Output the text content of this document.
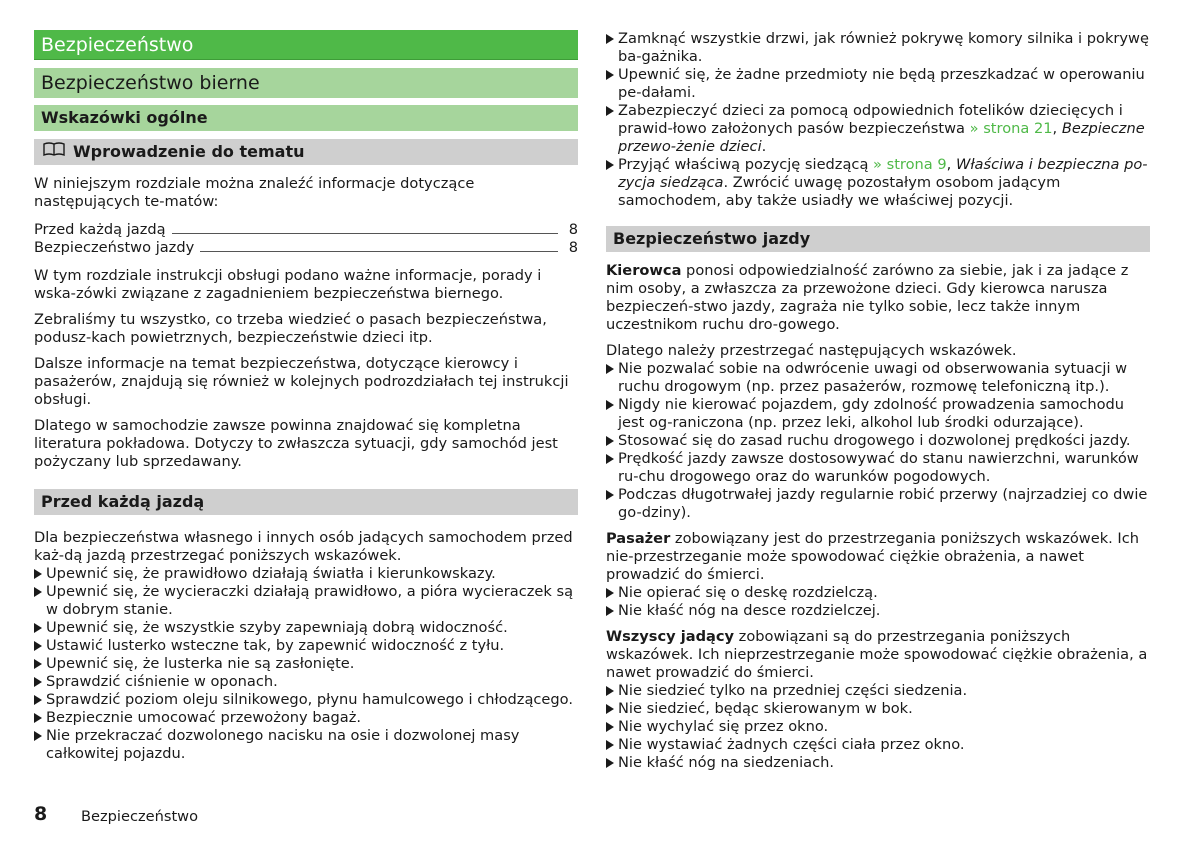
Bezpieczeństwo
Bezpieczeństwo bierne
Wskazówki ogólne
Wprowadzenie do tematu

W niniejszym rozdziale można znaleźć informacje dotyczące następujących te-matów:

Przed każdą jazdą	8
Bezpieczeństwo jazdy	8

W tym rozdziale instrukcji obsługi podano ważne informacje, porady i wska-zówki związane z zagadnieniem bezpieczeństwa biernego.

Zebraliśmy tu wszystko, co trzeba wiedzieć o pasach bezpieczeństwa, podusz-kach powietrznych, bezpieczeństwie dzieci itp.

Dalsze informacje na temat bezpieczeństwa, dotyczące kierowcy i pasażerów, znajdują się również w kolejnych podrozdziałach tej instrukcji obsługi.

Dlatego w samochodzie zawsze powinna znajdować się kompletna literatura pokładowa. Dotyczy to zwłaszcza sytuacji, gdy samochód jest pożyczany lub sprzedawany.

Przed każdą jazdą

Dla bezpieczeństwa własnego i innych osób jadących samochodem przed każ-dą jazdą przestrzegać poniższych wskazówek.

Upewnić się, że prawidłowo działają światła i kierunkowskazy.
Upewnić się, że wycieraczki działają prawidłowo, a pióra wycieraczek są w dobrym stanie.
Upewnić się, że wszystkie szyby zapewniają dobrą widoczność.
Ustawić lusterko wsteczne tak, by zapewnić widoczność z tyłu.
Upewnić się, że lusterka nie są zasłonięte.
Sprawdzić ciśnienie w oponach.
Sprawdzić poziom oleju silnikowego, płynu hamulcowego i chłodzącego.
Bezpiecznie umocować przewożony bagaż.
Nie przekraczać dozwolonego nacisku na osie i dozwolonej masy całkowitej pojazdu.
Zamknąć wszystkie drzwi, jak również pokrywę komory silnika i pokrywę ba-gażnika.
Upewnić się, że żadne przedmioty nie będą przeszkadzać w operowaniu pe-dałami.
Zabezpieczyć dzieci za pomocą odpowiednich fotelików dziecięcych i prawid-łowo założonych pasów bezpieczeństwa » strona 21, Bezpieczne przewo-żenie dzieci.
Przyjąć właściwą pozycję siedzącą » strona 9, Właściwa i bezpieczna po-zycja siedząca. Zwrócić uwagę pozostałym osobom jadącym samochodem, aby także usiadły we właściwej pozycji.
Bezpieczeństwo jazdy

Kierowca ponosi odpowiedzialność zarówno za siebie, jak i za jadące z nim osoby, a zwłaszcza za przewożone dzieci. Gdy kierowca narusza bezpieczeń-stwo jazdy, zagraża nie tylko sobie, lecz także innym uczestnikom ruchu dro-gowego.

Dlatego należy przestrzegać następujących wskazówek.

Nie pozwalać sobie na odwrócenie uwagi od obserwowania sytuacji w ruchu drogowym (np. przez pasażerów, rozmowę telefoniczną itp.).
Nigdy nie kierować pojazdem, gdy zdolność prowadzenia samochodu jest og-raniczona (np. przez leki, alkohol lub środki odurzające).
Stosować się do zasad ruchu drogowego i dozwolonej prędkości jazdy.
Prędkość jazdy zawsze dostosowywać do stanu nawierzchni, warunków ru-chu drogowego oraz do warunków pogodowych.
Podczas długotrwałej jazdy regularnie robić przerwy (najrzadziej co dwie go-dziny).

Pasażer zobowiązany jest do przestrzegania poniższych wskazówek. Ich nie-przestrzeganie może spowodować ciężkie obrażenia, a nawet prowadzić do śmierci.

Nie opierać się o deskę rozdzielczą.
Nie kłaść nóg na desce rozdzielczej.

Wszyscy jadący zobowiązani są do przestrzegania poniższych wskazówek. Ich nieprzestrzeganie może spowodować ciężkie obrażenia, a nawet prowadzić do śmierci.

Nie siedzieć tylko na przedniej części siedzenia.
Nie siedzieć, będąc skierowanym w bok.
Nie wychylać się przez okno.
Nie wystawiać żadnych części ciała przez okno.
Nie kłaść nóg na siedzeniach.
8 Bezpieczeństwo
